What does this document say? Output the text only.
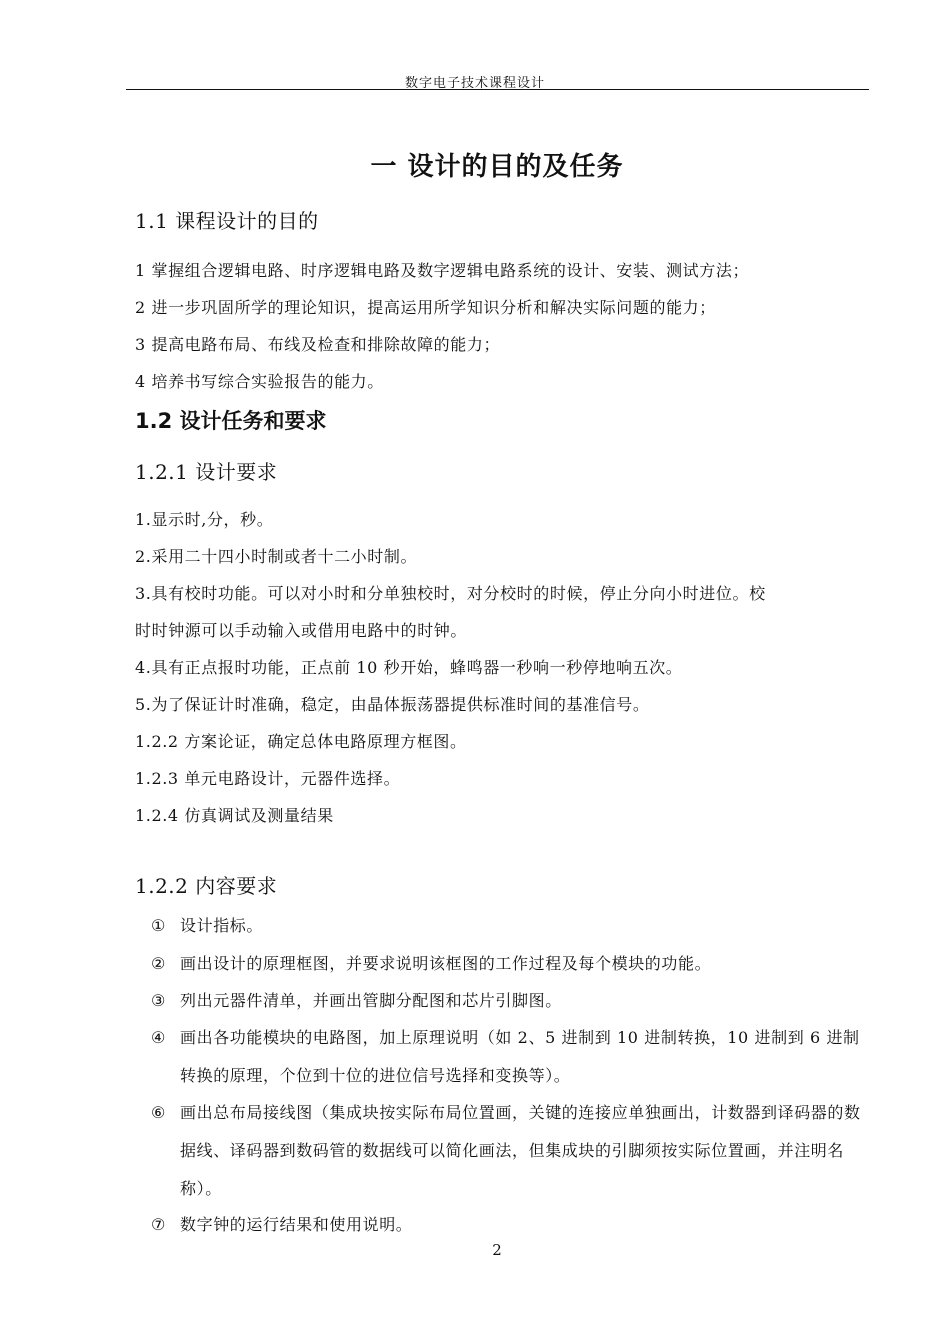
数字电子技术课程设计
一 设计的目的及任务
1.1 课程设计的目的
1 掌握组合逻辑电路、时序逻辑电路及数字逻辑电路系统的设计、安装、测试方法；
2 进一步巩固所学的理论知识，提高运用所学知识分析和解决实际问题的能力；
3 提高电路布局、布线及检查和排除故障的能力；
4 培养书写综合实验报告的能力。
1.2 设计任务和要求
1.2.1 设计要求
1.显示时,分，秒。
2.采用二十四小时制或者十二小时制。
3.具有校时功能。可以对小时和分单独校时，对分校时的时候，停止分向小时进位。校
时时钟源可以手动输入或借用电路中的时钟。
4.具有正点报时功能，正点前 10 秒开始，蜂鸣器一秒响一秒停地响五次。
5.为了保证计时准确，稳定，由晶体振荡器提供标准时间的基准信号。
1.2.2 方案论证，确定总体电路原理方框图。
1.2.3 单元电路设计，元器件选择。
1.2.4 仿真调试及测量结果
1.2.2 内容要求
① 设计指标。
② 画出设计的原理框图，并要求说明该框图的工作过程及每个模块的功能。
③ 列出元器件清单，并画出管脚分配图和芯片引脚图。
④ 画出各功能模块的电路图，加上原理说明（如 2、5 进制到 10 进制转换，10 进制到 6 进制转换的原理，个位到十位的进位信号选择和变换等）。
⑥ 画出总布局接线图（集成块按实际布局位置画，关键的连接应单独画出，计数器到译码器的数据线、译码器到数码管的数据线可以简化画法，但集成块的引脚须按实际位置画，并注明名称）。
⑦ 数字钟的运行结果和使用说明。
2
